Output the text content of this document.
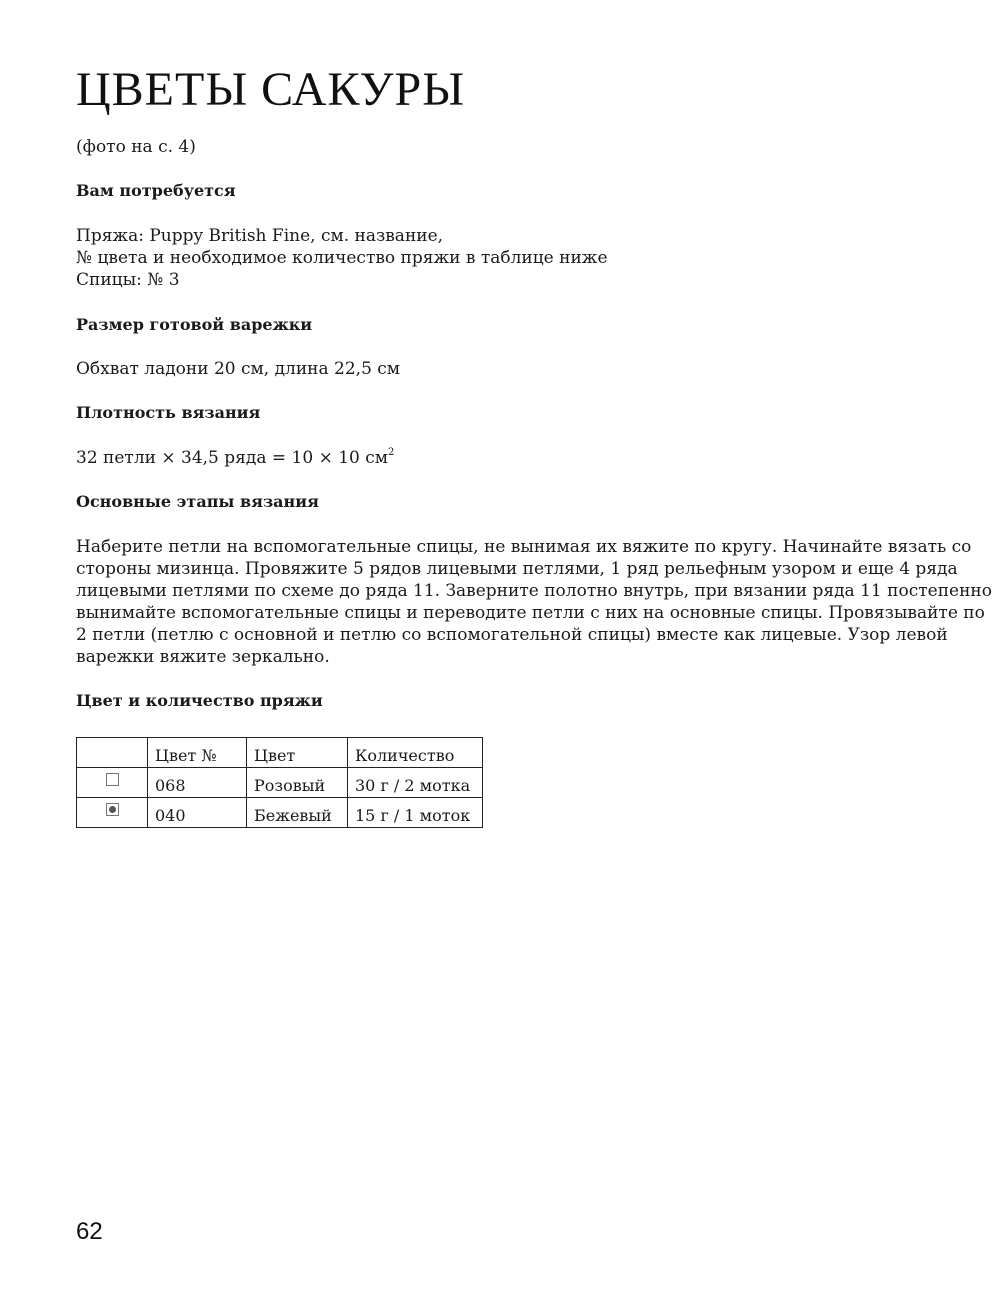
ЦВЕТЫ САКУРЫ
(фото на с. 4)
Вам потребуется
Пряжа: Puppy British Fine, см. название,
№ цвета и необходимое количество пряжи в таблице ниже
Спицы: № 3
Размер готовой варежки
Обхват ладони 20 см, длина 22,5 см
Плотность вязания
32 петли × 34,5 ряда = 10 × 10 $см^2$
Основные этапы вязания
Наберите петли на вспомогательные спицы, не вынимая их вяжите по кругу. Начинайте вязать со
стороны мизинца. Провяжите 5 рядов лицевыми петлями, 1 ряд рельефным узором и еще 4 ряда
лицевыми петлями по схеме до ряда 11. Заверните полотно внутрь, при вязании ряда 11 постепенно
вынимайте вспомогательные спицы и переводите петли с них на основные спицы. Провязывайте по
2 петли (петлю с основной и петлю со вспомогательной спицы) вместе как лицевые. Узор левой
варежки вяжите зеркально.
Цвет и количество пряжи
	Цвет №	Цвет	Количество
	068	Розовый	30 г / 2 мотка
	040	Бежевый	15 г / 1 моток
62
